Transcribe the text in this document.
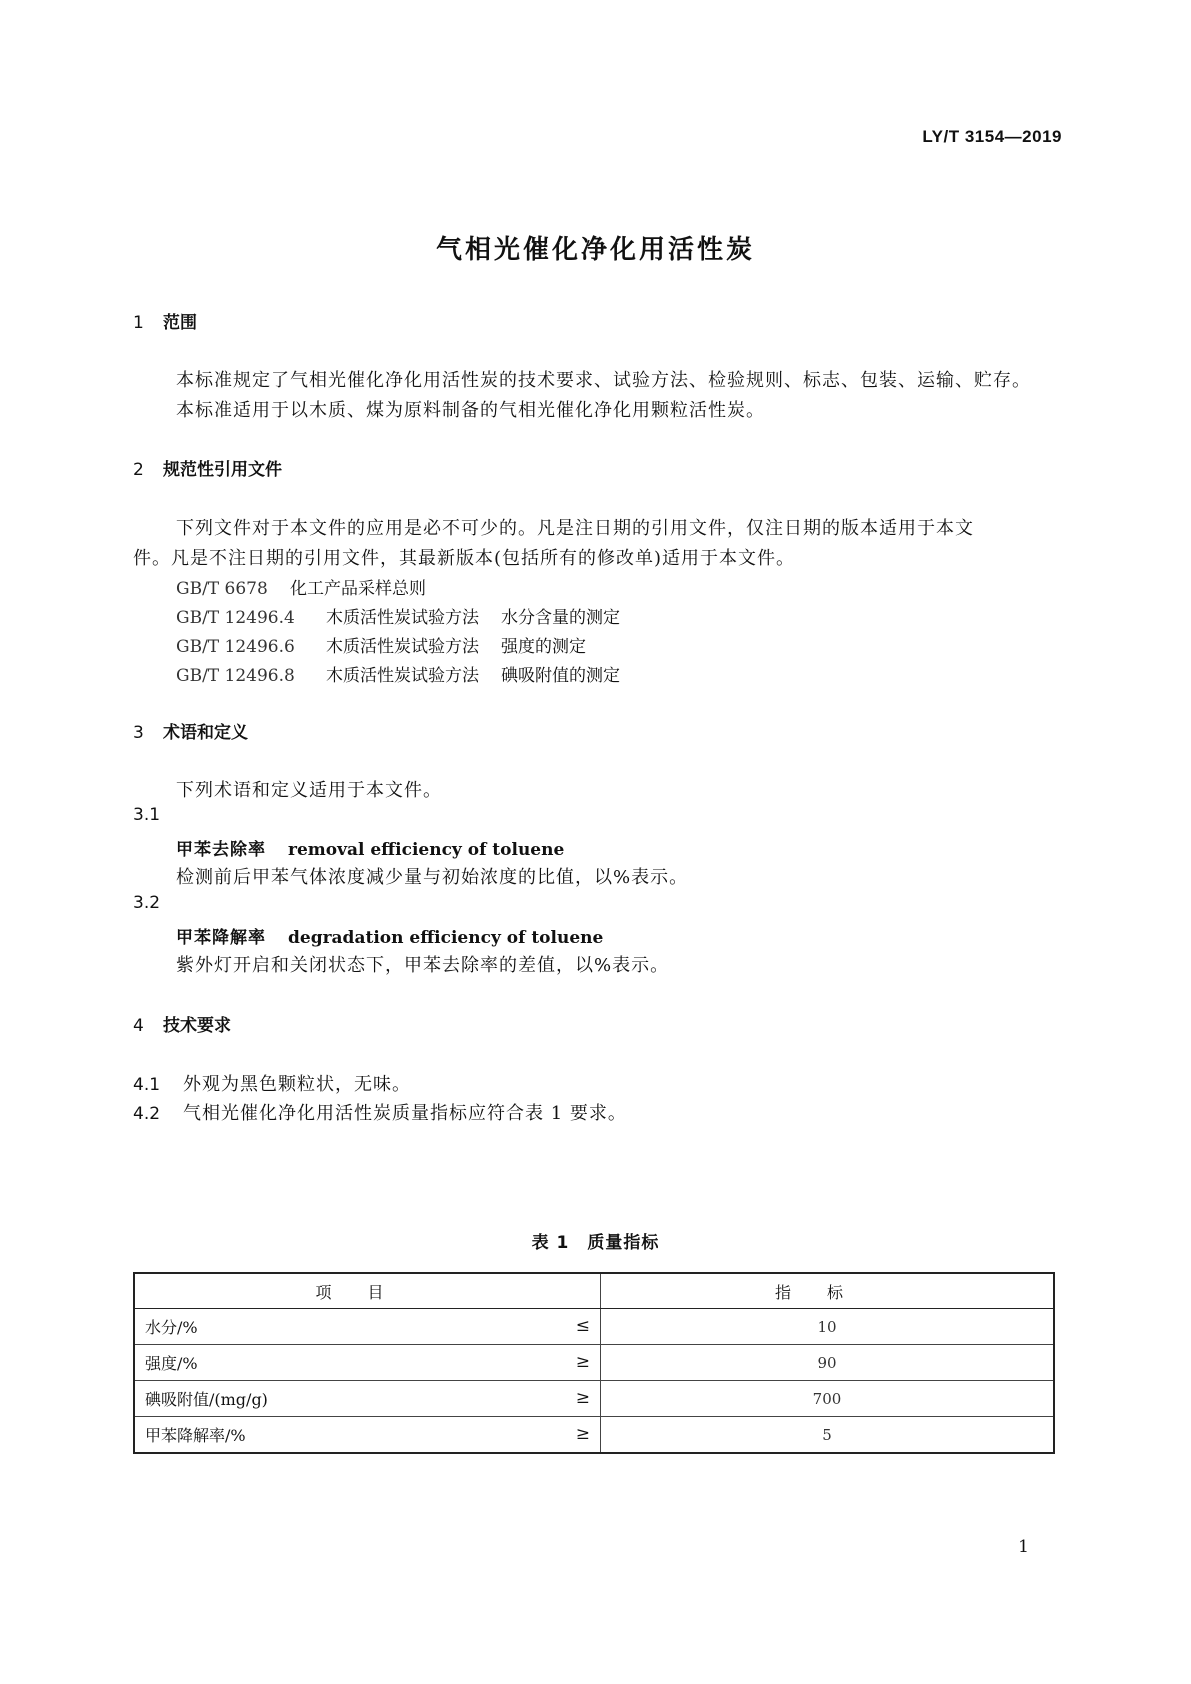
LY/T 3154—2019
气相光催化净化用活性炭
1 范围
本标准规定了气相光催化净化用活性炭的技术要求、试验方法、检验规则、标志、包装、运输、贮存。
本标准适用于以木质、煤为原料制备的气相光催化净化用颗粒活性炭。
2 规范性引用文件
下列文件对于本文件的应用是必不可少的。凡是注日期的引用文件，仅注日期的版本适用于本文
件。凡是不注日期的引用文件，其最新版本(包括所有的修改单)适用于本文件。
GB/T 6678 化工产品采样总则
GB/T 12496.4 木质活性炭试验方法 水分含量的测定
GB/T 12496.6 木质活性炭试验方法 强度的测定
GB/T 12496.8 木质活性炭试验方法 碘吸附值的测定
3 术语和定义
下列术语和定义适用于本文件。
3.1
甲苯去除率 removal efficiency of toluene
检测前后甲苯气体浓度减少量与初始浓度的比值，以%表示。
3.2
甲苯降解率 degradation efficiency of toluene
紫外灯开启和关闭状态下，甲苯去除率的差值，以%表示。
4 技术要求
4.1 外观为黑色颗粒状，无味。
4.2 气相光催化净化用活性炭质量指标应符合表 1 要求。
表 1　质量指标
项目	指标
水分/% ≤	10
强度/% ≥	90
碘吸附值/(mg/g) ≥	700
甲苯降解率/% ≥	5
1
